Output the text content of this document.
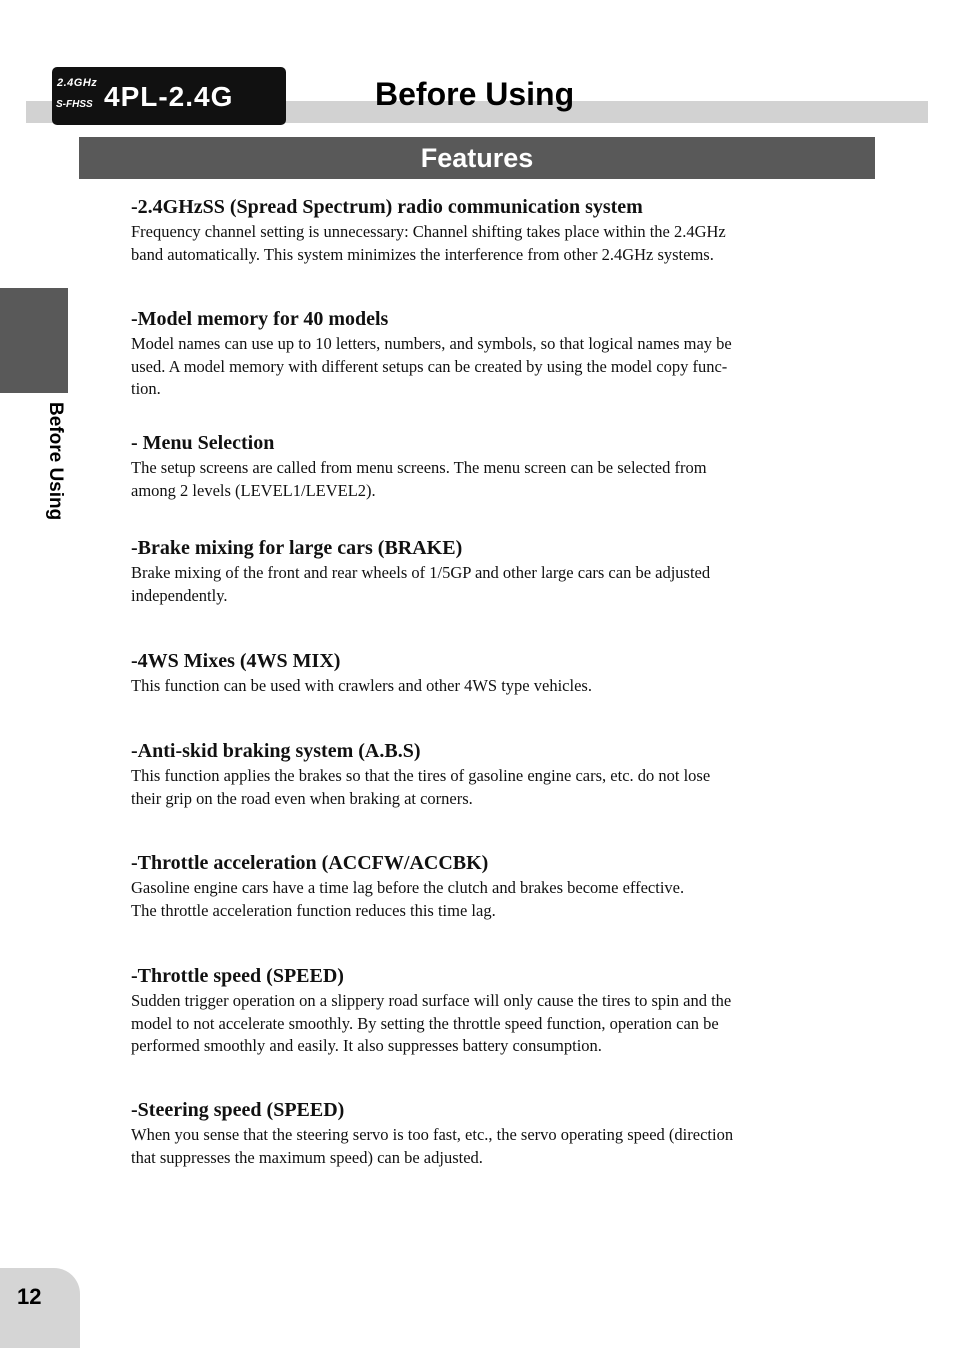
2.4GHz
S-FHSS 4PL-2.4G	Before Using
Features
Before Using
-2.4GHzSS (Spread Spectrum) radio communication system

Frequency channel setting is unnecessary: Channel shifting takes place within the 2.4GHz
band automatically. This system minimizes the interference from other 2.4GHz systems.

-Model memory for 40 models

Model names can use up to 10 letters, numbers, and symbols, so that logical names may be
used. A model memory with different setups can be created by using the model copy func-
tion.

- Menu Selection

The setup screens are called from menu screens. The menu screen can be selected from
among 2 levels (LEVEL1/LEVEL2).

-Brake mixing for large cars (BRAKE)

Brake mixing of the front and rear wheels of 1/5GP and other large cars can be adjusted
independently.

-4WS Mixes (4WS MIX)

This function can be used with crawlers and other 4WS type vehicles.

-Anti-skid braking system (A.B.S)

This function applies the brakes so that the tires of gasoline engine cars, etc. do not lose
their grip on the road even when braking at corners.

-Throttle acceleration (ACCFW/ACCBK)

Gasoline engine cars have a time lag before the clutch and brakes become effective.
The throttle acceleration function reduces this time lag.

-Throttle speed (SPEED)

Sudden trigger operation on a slippery road surface will only cause the tires to spin and the
model to not accelerate smoothly. By setting the throttle speed function, operation can be
performed smoothly and easily. It also suppresses battery consumption.

-Steering speed (SPEED)

When you sense that the steering servo is too fast, etc., the servo operating speed (direction
that suppresses the maximum speed) can be adjusted.

12
